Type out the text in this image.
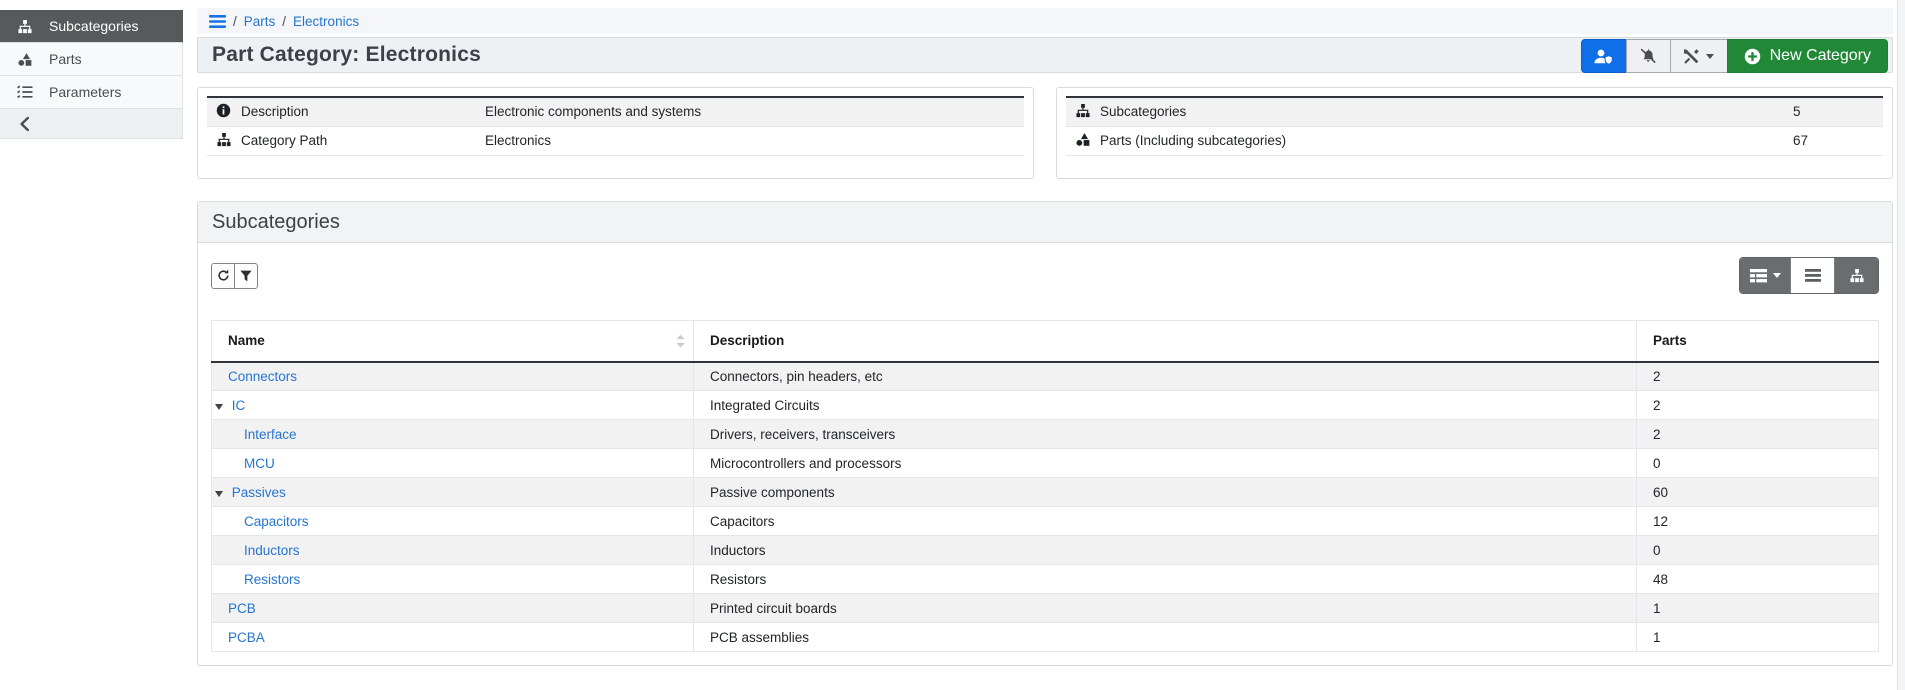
Subcategories
Parts
Parameters
/ Parts / Electronics
Part Category: Electronics	New Category
	Description	Electronic components and systems

	Category Path	Electronics

	Subcategories	5

	Parts (Including subcategories)	67

Subcategories
Name	Description	Parts
Connectors	Connectors, pin headers, etc	2
IC	Integrated Circuits	2
Interface	Drivers, receivers, transceivers	2
MCU	Microcontrollers and processors	0
Passives	Passive components	60
Capacitors	Capacitors	12
Inductors	Inductors	0
Resistors	Resistors	48
PCB	Printed circuit boards	1
PCBA	PCB assemblies	1
